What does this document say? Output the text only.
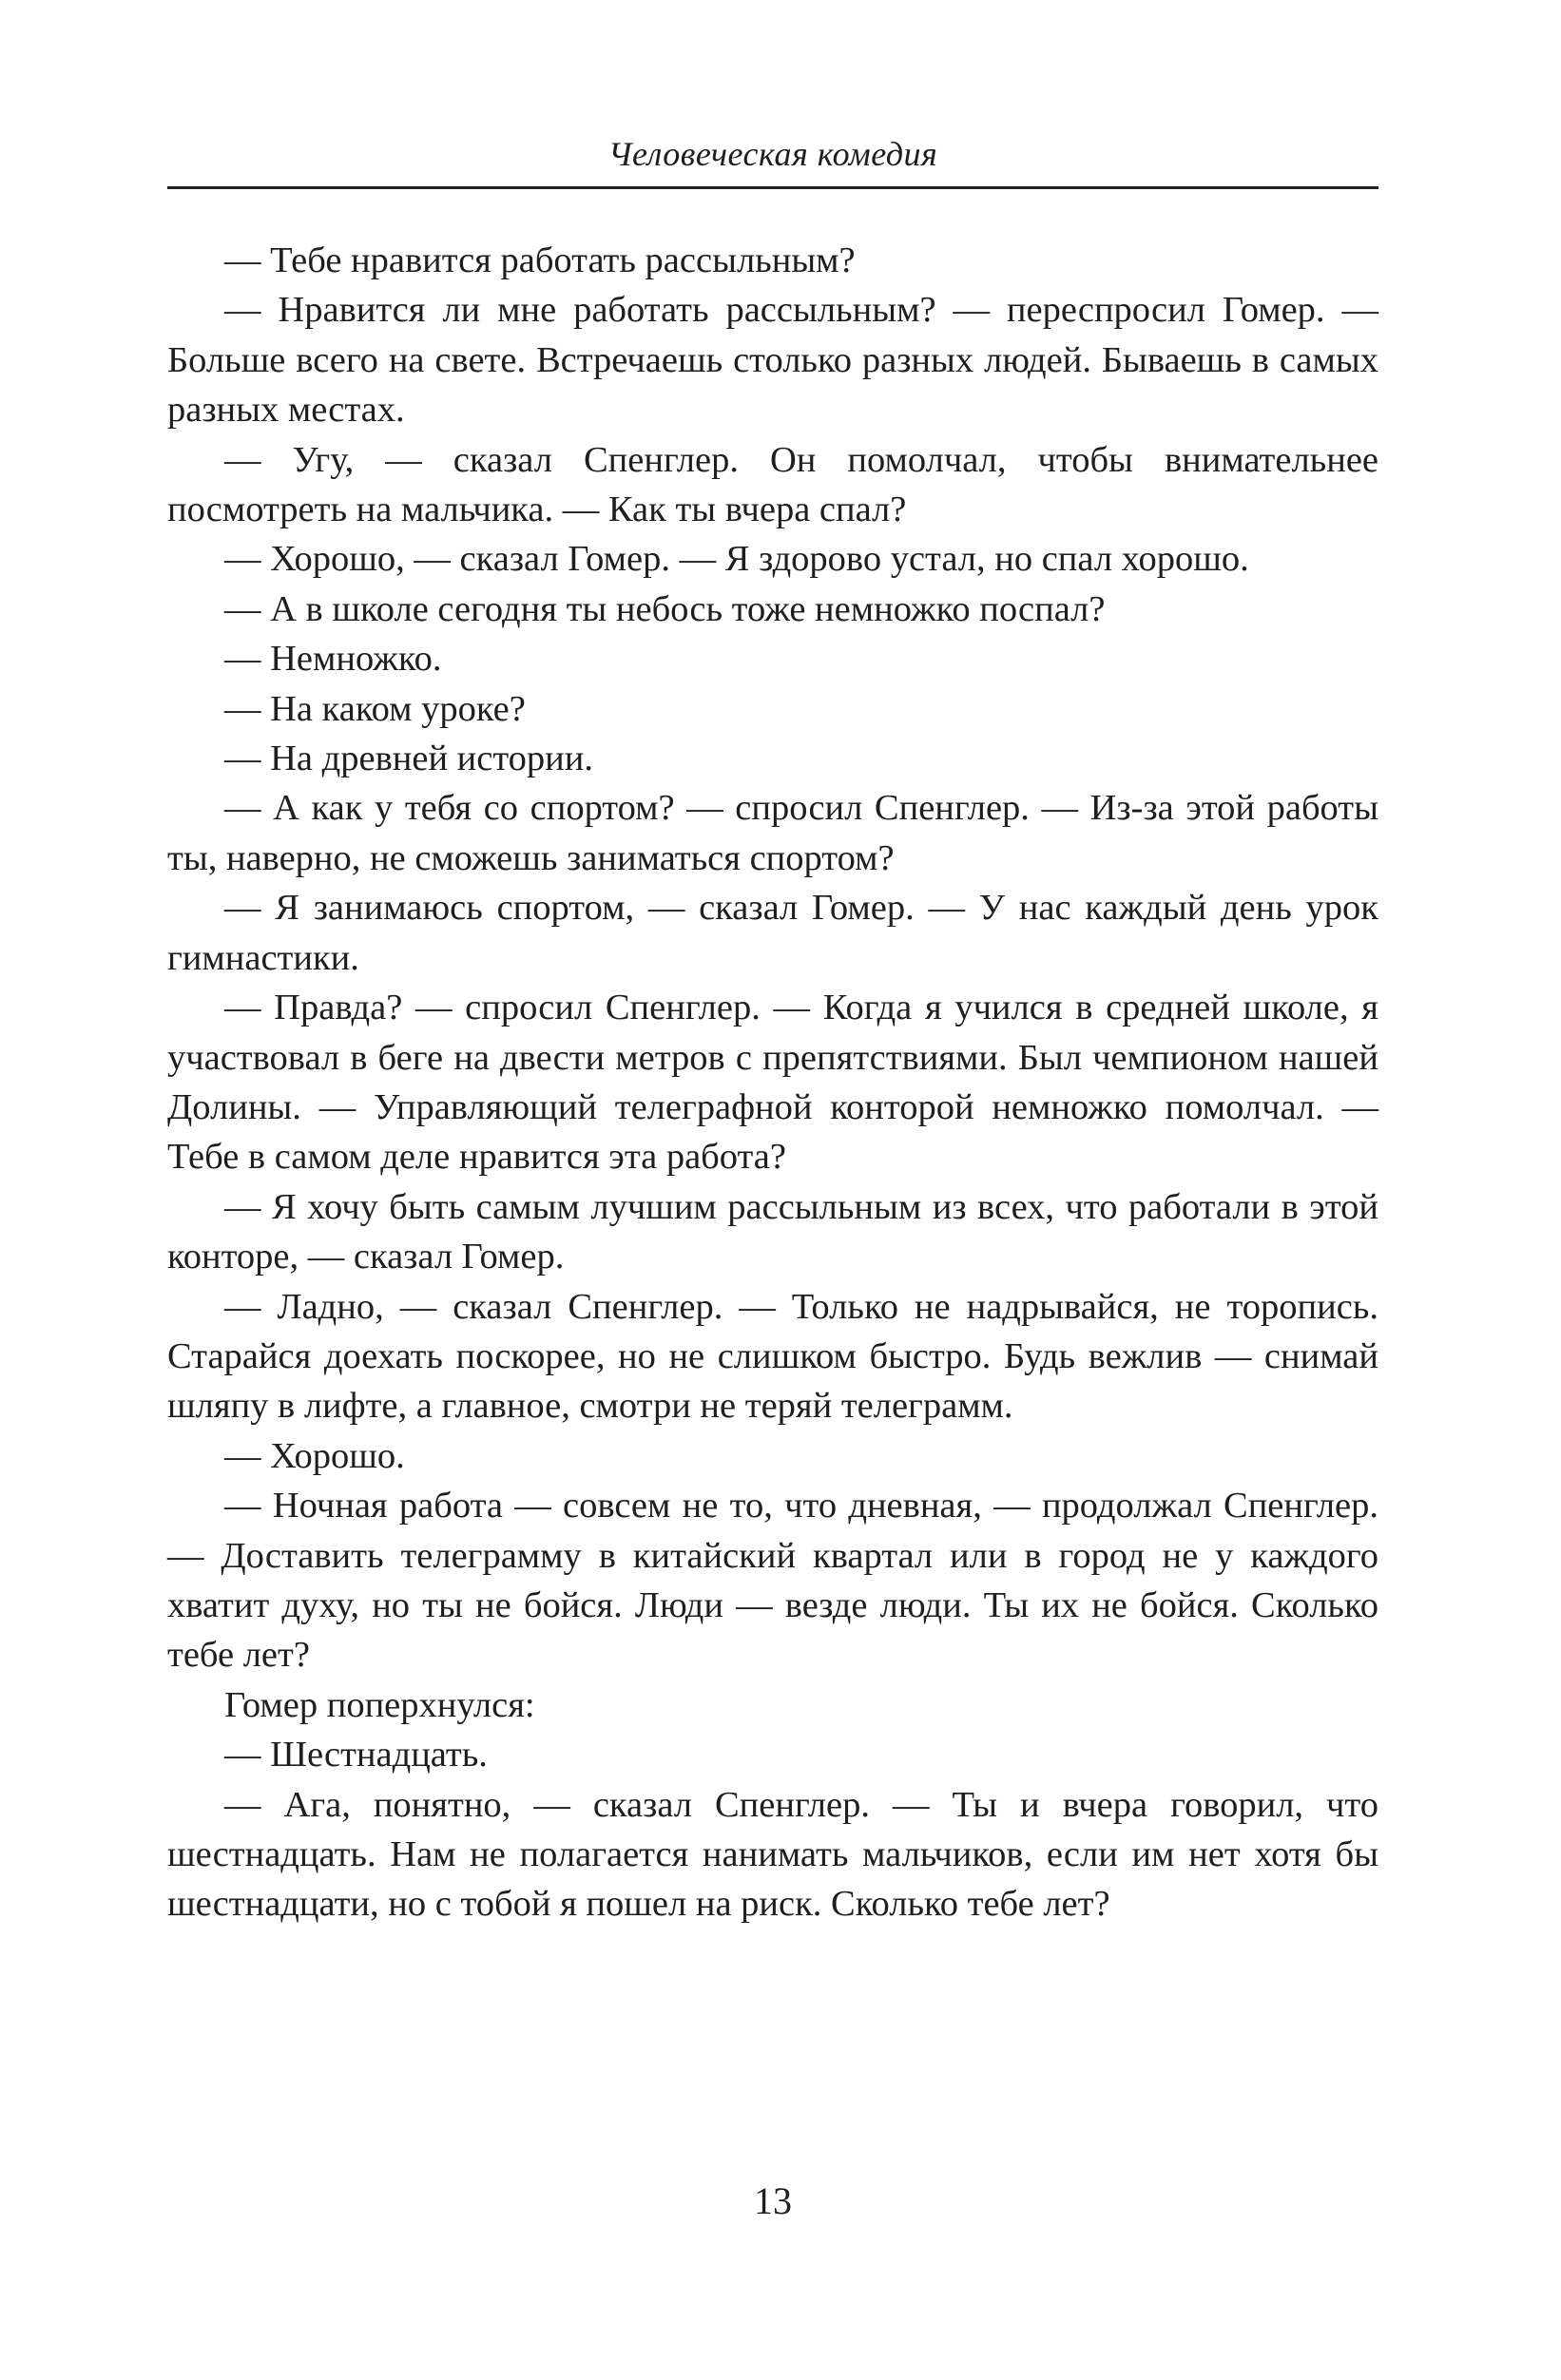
Человеческая комедия

— Тебе нравится работать рассыльным?

— Нравится ли мне работать рассыльным? — переспросил Гомер. — Больше всего на свете. Встречаешь столько разных людей. Бываешь в самых разных местах.

— Угу, — сказал Спенглер. Он помолчал, чтобы внимательнее посмотреть на мальчика. — Как ты вчера спал?

— Хорошо, — сказал Гомер. — Я здорово устал, но спал хорошо.

— А в школе сегодня ты небось тоже немножко поспал?

— Немножко.

— На каком уроке?

— На древней истории.

— А как у тебя со спортом? — спросил Спенглер. — Из-за этой работы ты, наверно, не сможешь заниматься спортом?

— Я занимаюсь спортом, — сказал Гомер. — У нас каждый день урок гимнастики.

— Правда? — спросил Спенглер. — Когда я учился в средней школе, я участвовал в беге на двести метров с препятствиями. Был чемпионом нашей Долины. — Управляющий телеграфной конторой немножко помолчал. — Тебе в самом деле нравится эта работа?

— Я хочу быть самым лучшим рассыльным из всех, что работали в этой конторе, — сказал Гомер.

— Ладно, — сказал Спенглер. — Только не надрывайся, не торопись. Старайся доехать поскорее, но не слишком быстро. Будь вежлив — снимай шляпу в лифте, а главное, смотри не теряй телеграмм.

— Хорошо.

— Ночная работа — совсем не то, что дневная, — продолжал Спенглер. — Доставить телеграмму в китайский квартал или в город не у каждого хватит духу, но ты не бойся. Люди — везде люди. Ты их не бойся. Сколько тебе лет?

Гомер поперхнулся:

— Шестнадцать.

— Ага, понятно, — сказал Спенглер. — Ты и вчера говорил, что шестнадцать. Нам не полагается нанимать мальчиков, если им нет хотя бы шестнадцати, но с тобой я пошел на риск. Сколько тебе лет?

13
